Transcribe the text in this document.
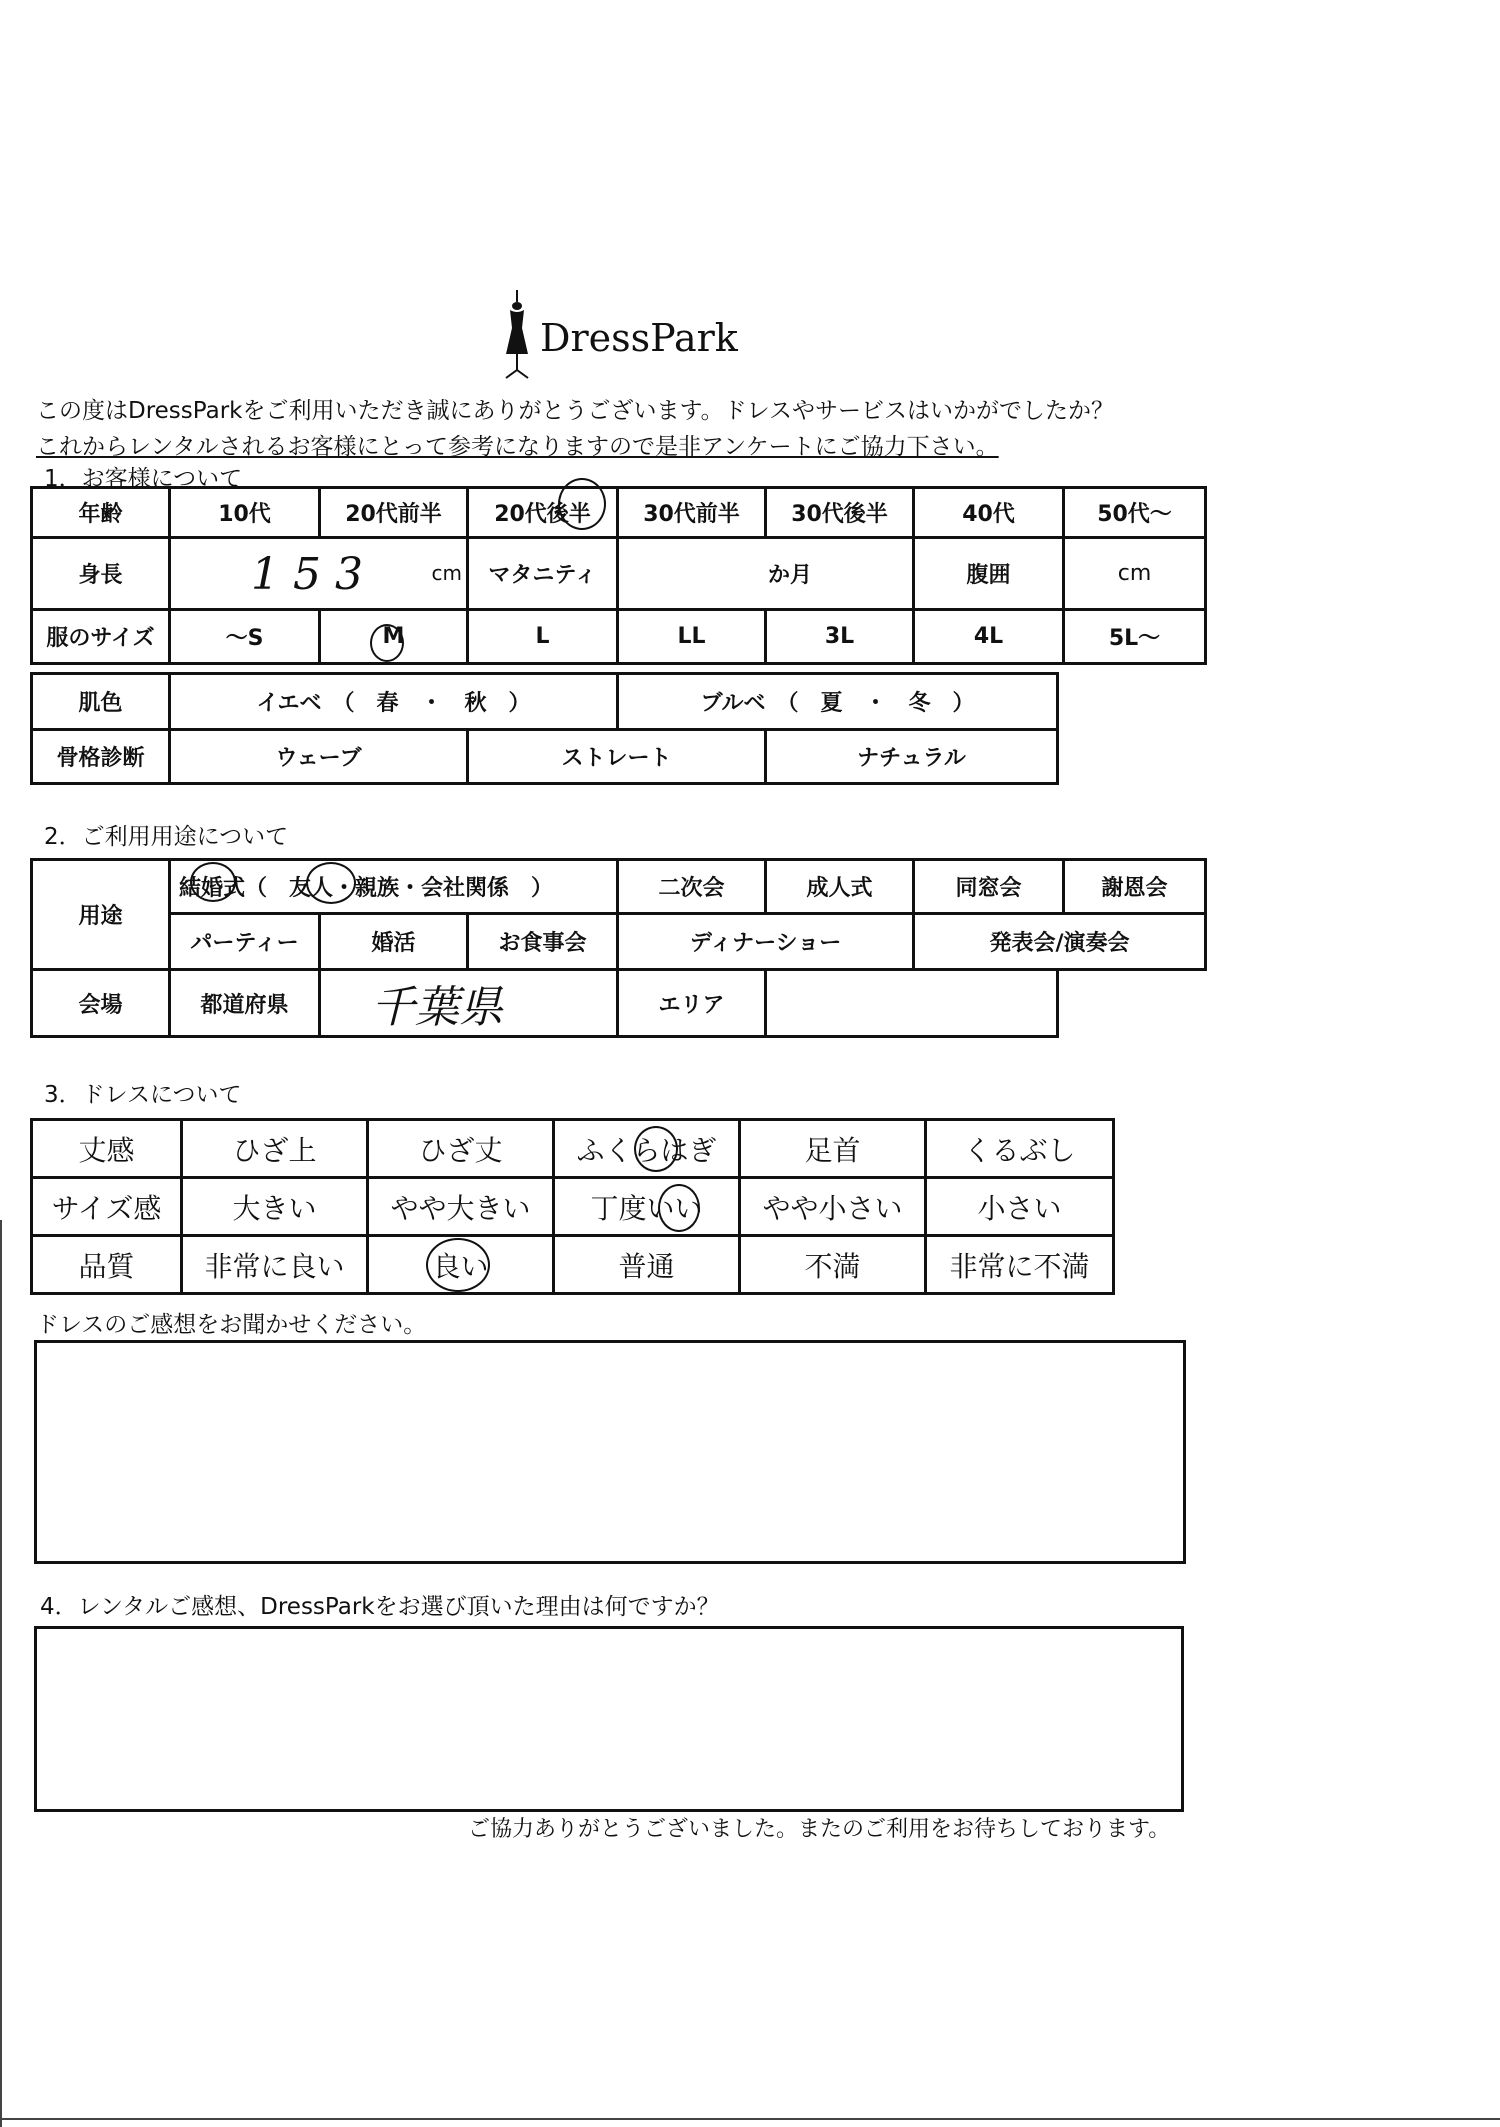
DressPark
この度はDressParkをご利用いただき誠にありがとうございます。ドレスやサービスはいかがでしたか？
これからレンタルされるお客様にとって参考になりますので是非アンケートにご協力下さい。
1．お客様について
年齢	10代	20代前半	20代後半	30代前半	30代後半	40代	50代～
身長	153 cm		マタニティ	か月		腹囲	cm
服のサイズ	～S	M	L	LL	3L	4L	5L～
肌色	イエベ　（　春　・　秋　）		ブルベ　（　夏　・　冬　）	
骨格診断	ウェーブ	ストレート		ナチュラル
2．ご利用用途について
用途	結婚式（　友人・親族・会社関係　）			二次会	成人式	同窓会	謝恩会
	パーティー	婚活	お食事会	ディナーショー		発表会/演奏会	
会場	都道府県	千葉県	エリア	
3．ドレスについて
丈感	ひざ上	ひざ丈	ふくらはぎ	足首	くるぶし
サイズ感	大きい	やや大きい	丁度いい	やや小さい	小さい
品質	非常に良い	良い	普通	不満	非常に不満
ドレスのご感想をお聞かせください。
4．レンタルご感想、DressParkをお選び頂いた理由は何ですか？
ご協力ありがとうございました。またのご利用をお待ちしております。
